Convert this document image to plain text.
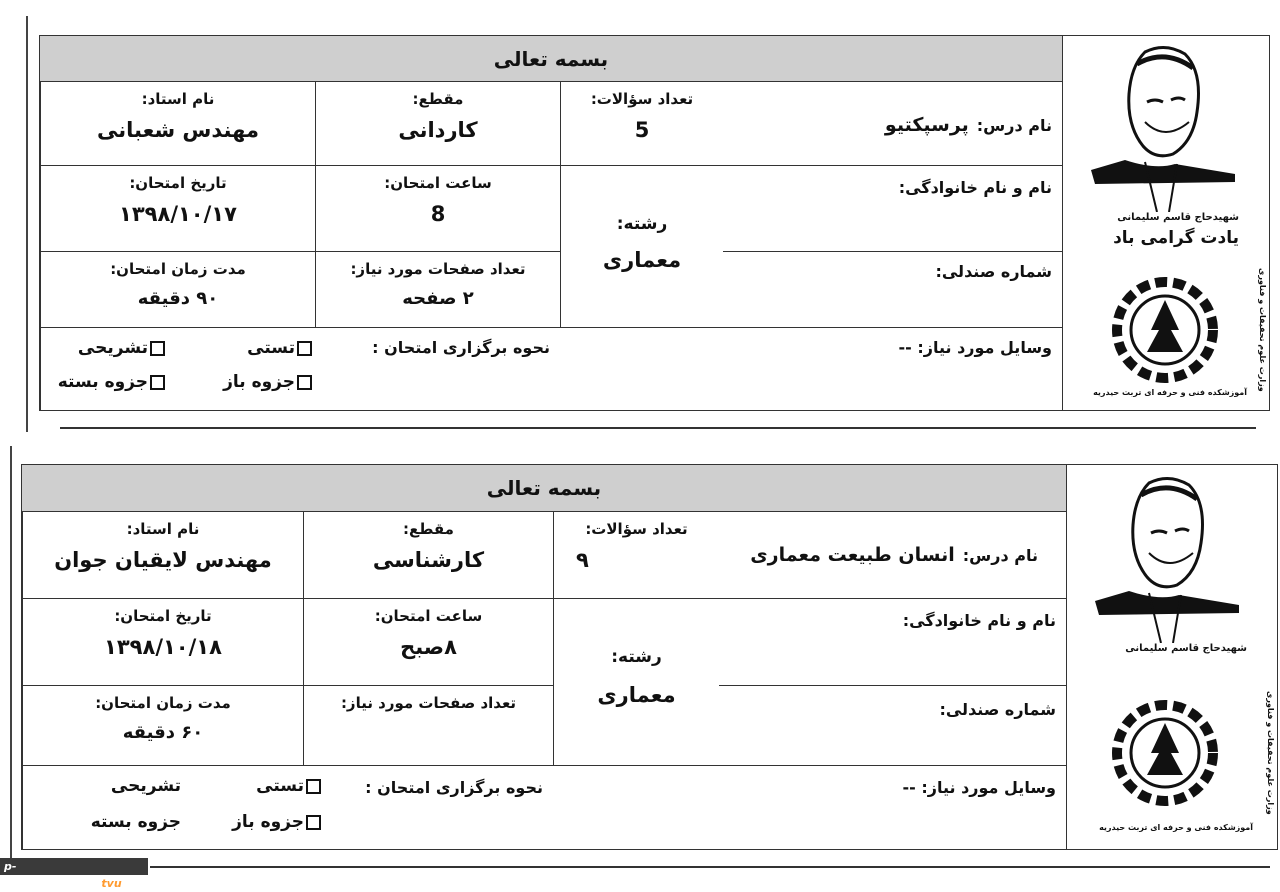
بسمه تعالی
نام استاد:
مهندس شعبانی
مقطع:
کاردانی
تعداد سؤالات:
5	نام درس:پرسپکتیو
تاریخ امتحان:
۱۳۹۸/۱۰/۱۷
ساعت امتحان:
8	رشته:
معماری
نام و نام خانوادگی:
مدت زمان امتحان:
۹۰ دقیقه
تعداد صفحات مورد نیاز:
۲ صفحه
شماره صندلی:
نحوه برگزاری امتحان :
تستی
تشریحی
جزوه باز
جزوه بسته
وسایل مورد نیاز: --
شهیدحاج قاسم سلیمانی
یادت گرامی باد
وزارت علوم تحقیقات و فناوری
آموزشکده فنی و حرفه ای تربت حیدریه
بسمه تعالی
نام استاد:
مهندس لایقیان جوان
مقطع:
کارشناسی
تعداد سؤالات:
۹	نام درس:انسان طبیعت معماری
تاریخ امتحان:
۱۳۹۸/۱۰/۱۸
ساعت امتحان:
۸صبح	رشته:
معماری
نام و نام خانوادگی:
مدت زمان امتحان:
۶۰ دقیقه
تعداد صفحات مورد نیاز:	شماره صندلی:
نحوه برگزاری امتحان :
تستی
تشریحی
جزوه باز
جزوه بسته
وسایل مورد نیاز: --
شهیدحاج قاسم سلیمانی
وزارت علوم تحقیقات و فناوری
آموزشکده فنی و حرفه ای تربت حیدریه
p-torbatheidarye.tvu.ac.ir
